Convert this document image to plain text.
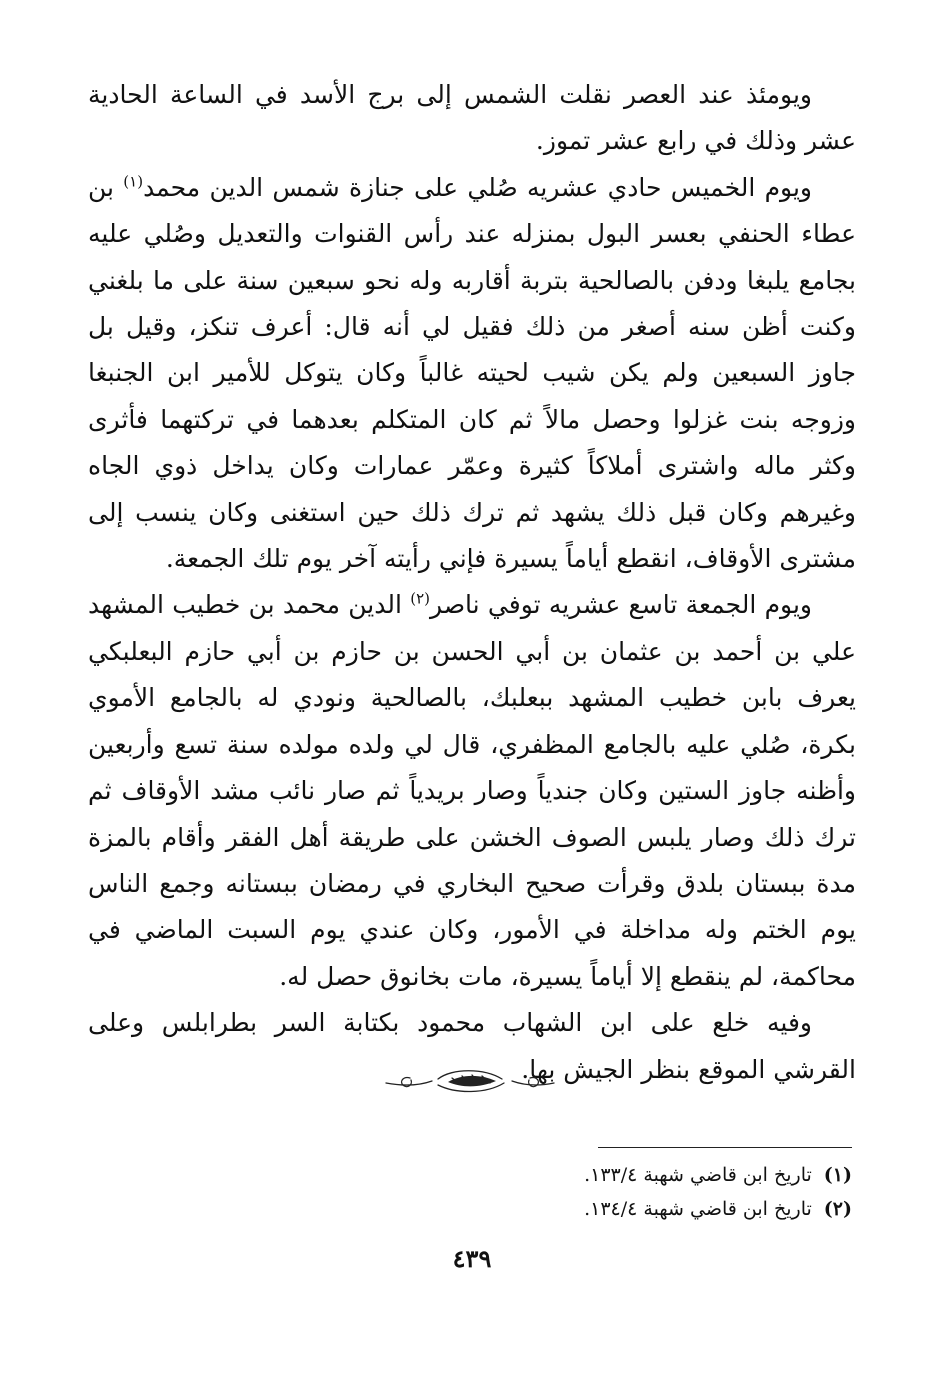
ويومئذ عند العصر نقلت الشمس إلى برج الأسد في الساعة الحادية عشر وذلك في رابع عشر تموز.

ويوم الخميس حادي عشريه صُلي على جنازة شمس الدين محمد$^{(١)}$ بن عطاء الحنفي بعسر البول بمنزله عند رأس القنوات والتعديل وصُلي عليه بجامع يلبغا ودفن بالصالحية بتربة أقاربه وله نحو سبعين سنة على ما بلغني وكنت أظن سنه أصغر من ذلك فقيل لي أنه قال: أعرف تنكز، وقيل بل جاوز السبعين ولم يكن شيب لحيته غالباً وكان يتوكل للأمير ابن الجنبغا وزوجه بنت غزلوا وحصل مالاً ثم كان المتكلم بعدهما في تركتهما فأثرى وكثر ماله واشترى أملاكاً كثيرة وعمّر عمارات وكان يداخل ذوي الجاه وغيرهم وكان قبل ذلك يشهد ثم ترك ذلك حين استغنى وكان ينسب إلى مشترى الأوقاف، انقطع أياماً يسيرة فإني رأيته آخر يوم تلك الجمعة.

ويوم الجمعة تاسع عشريه توفي ناصر$^{(٢)}$ الدين محمد بن خطيب المشهد علي بن أحمد بن عثمان بن أبي الحسن بن حازم بن أبي حازم البعلبكي يعرف بابن خطيب المشهد ببعلبك، بالصالحية ونودي له بالجامع الأموي بكرة، صُلي عليه بالجامع المظفري، قال لي ولده مولده سنة تسع وأربعين وأظنه جاوز الستين وكان جندياً وصار بريدياً ثم صار نائب مشد الأوقاف ثم ترك ذلك وصار يلبس الصوف الخشن على طريقة أهل الفقر وأقام بالمزة مدة ببستان بلدق وقرأت صحيح البخاري في رمضان ببستانه وجمع الناس يوم الختم وله مداخلة في الأمور، وكان عندي يوم السبت الماضي في محاكمة، لم ينقطع إلا أياماً يسيرة، مات بخانوق حصل له.

وفيه خلع على ابن الشهاب محمود بكتابة السر بطرابلس وعلى القرشي الموقع بنظر الجيش بها.

(١)تاريخ ابن قاضي شهبة ١٣٣/٤.
(٢)تاريخ ابن قاضي شهبة ١٣٤/٤.
٤٣٩
